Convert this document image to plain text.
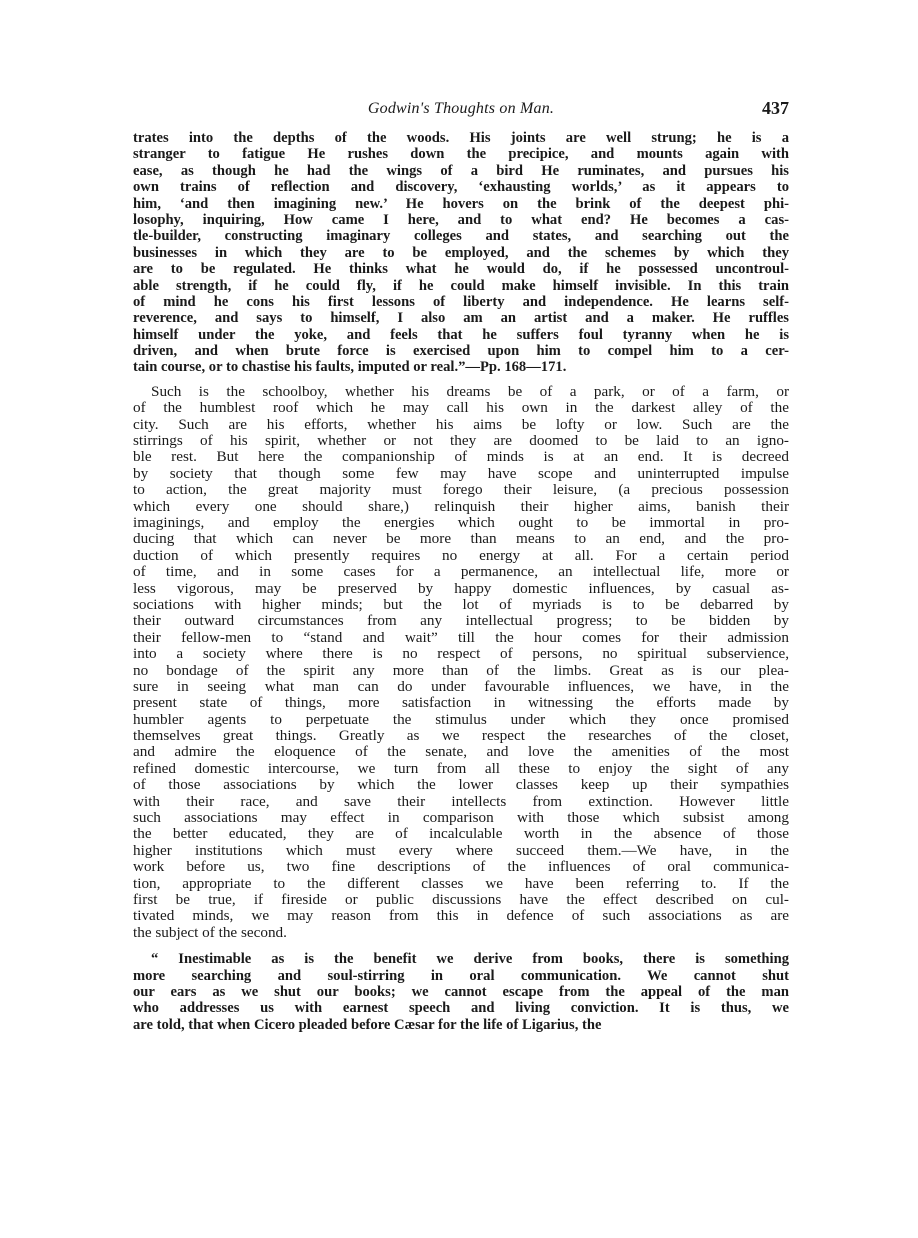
Godwin's Thoughts on Man.	437
trates into the depths of the woods. His joints are well strung; he is a
stranger to fatigue He rushes down the precipice, and mounts again with
ease, as though he had the wings of a bird He ruminates, and pursues his
own trains of reflection and discovery, ‘exhausting worlds,’ as it appears to
him, ‘and then imagining new.’ He hovers on the brink of the deepest phi-
losophy, inquiring, How came I here, and to what end? He becomes a cas-
tle-builder, constructing imaginary colleges and states, and searching out the
businesses in which they are to be employed, and the schemes by which they
are to be regulated. He thinks what he would do, if he possessed uncontroul-
able strength, if he could fly, if he could make himself invisible. In this train
of mind he cons his first lessons of liberty and independence. He learns self-
reverence, and says to himself, I also am an artist and a maker. He ruffles
himself under the yoke, and feels that he suffers foul tyranny when he is
driven, and when brute force is exercised upon him to compel him to a cer-
tain course, or to chastise his faults, imputed or real.”—Pp. 168—171.
Such is the schoolboy, whether his dreams be of a park, or of a farm, or
of the humblest roof which he may call his own in the darkest alley of the
city. Such are his efforts, whether his aims be lofty or low. Such are the
stirrings of his spirit, whether or not they are doomed to be laid to an igno-
ble rest. But here the companionship of minds is at an end. It is decreed
by society that though some few may have scope and uninterrupted impulse
to action, the great majority must forego their leisure, (a precious possession
which every one should share,) relinquish their higher aims, banish their
imaginings, and employ the energies which ought to be immortal in pro-
ducing that which can never be more than means to an end, and the pro-
duction of which presently requires no energy at all. For a certain period
of time, and in some cases for a permanence, an intellectual life, more or
less vigorous, may be preserved by happy domestic influences, by casual as-
sociations with higher minds; but the lot of myriads is to be debarred by
their outward circumstances from any intellectual progress; to be bidden by
their fellow-men to “stand and wait” till the hour comes for their admission
into a society where there is no respect of persons, no spiritual subservience,
no bondage of the spirit any more than of the limbs. Great as is our plea-
sure in seeing what man can do under favourable influences, we have, in the
present state of things, more satisfaction in witnessing the efforts made by
humbler agents to perpetuate the stimulus under which they once promised
themselves great things. Greatly as we respect the researches of the closet,
and admire the eloquence of the senate, and love the amenities of the most
refined domestic intercourse, we turn from all these to enjoy the sight of any
of those associations by which the lower classes keep up their sympathies
with their race, and save their intellects from extinction. However little
such associations may effect in comparison with those which subsist among
the better educated, they are of incalculable worth in the absence of those
higher institutions which must every where succeed them.—We have, in the
work before us, two fine descriptions of the influences of oral communica-
tion, appropriate to the different classes we have been referring to. If the
first be true, if fireside or public discussions have the effect described on cul-
tivated minds, we may reason from this in defence of such associations as are
the subject of the second.
“ Inestimable as is the benefit we derive from books, there is something
more searching and soul-stirring in oral communication. We cannot shut
our ears as we shut our books; we cannot escape from the appeal of the man
who addresses us with earnest speech and living conviction. It is thus, we
are told, that when Cicero pleaded before Cæsar for the life of Ligarius, the
